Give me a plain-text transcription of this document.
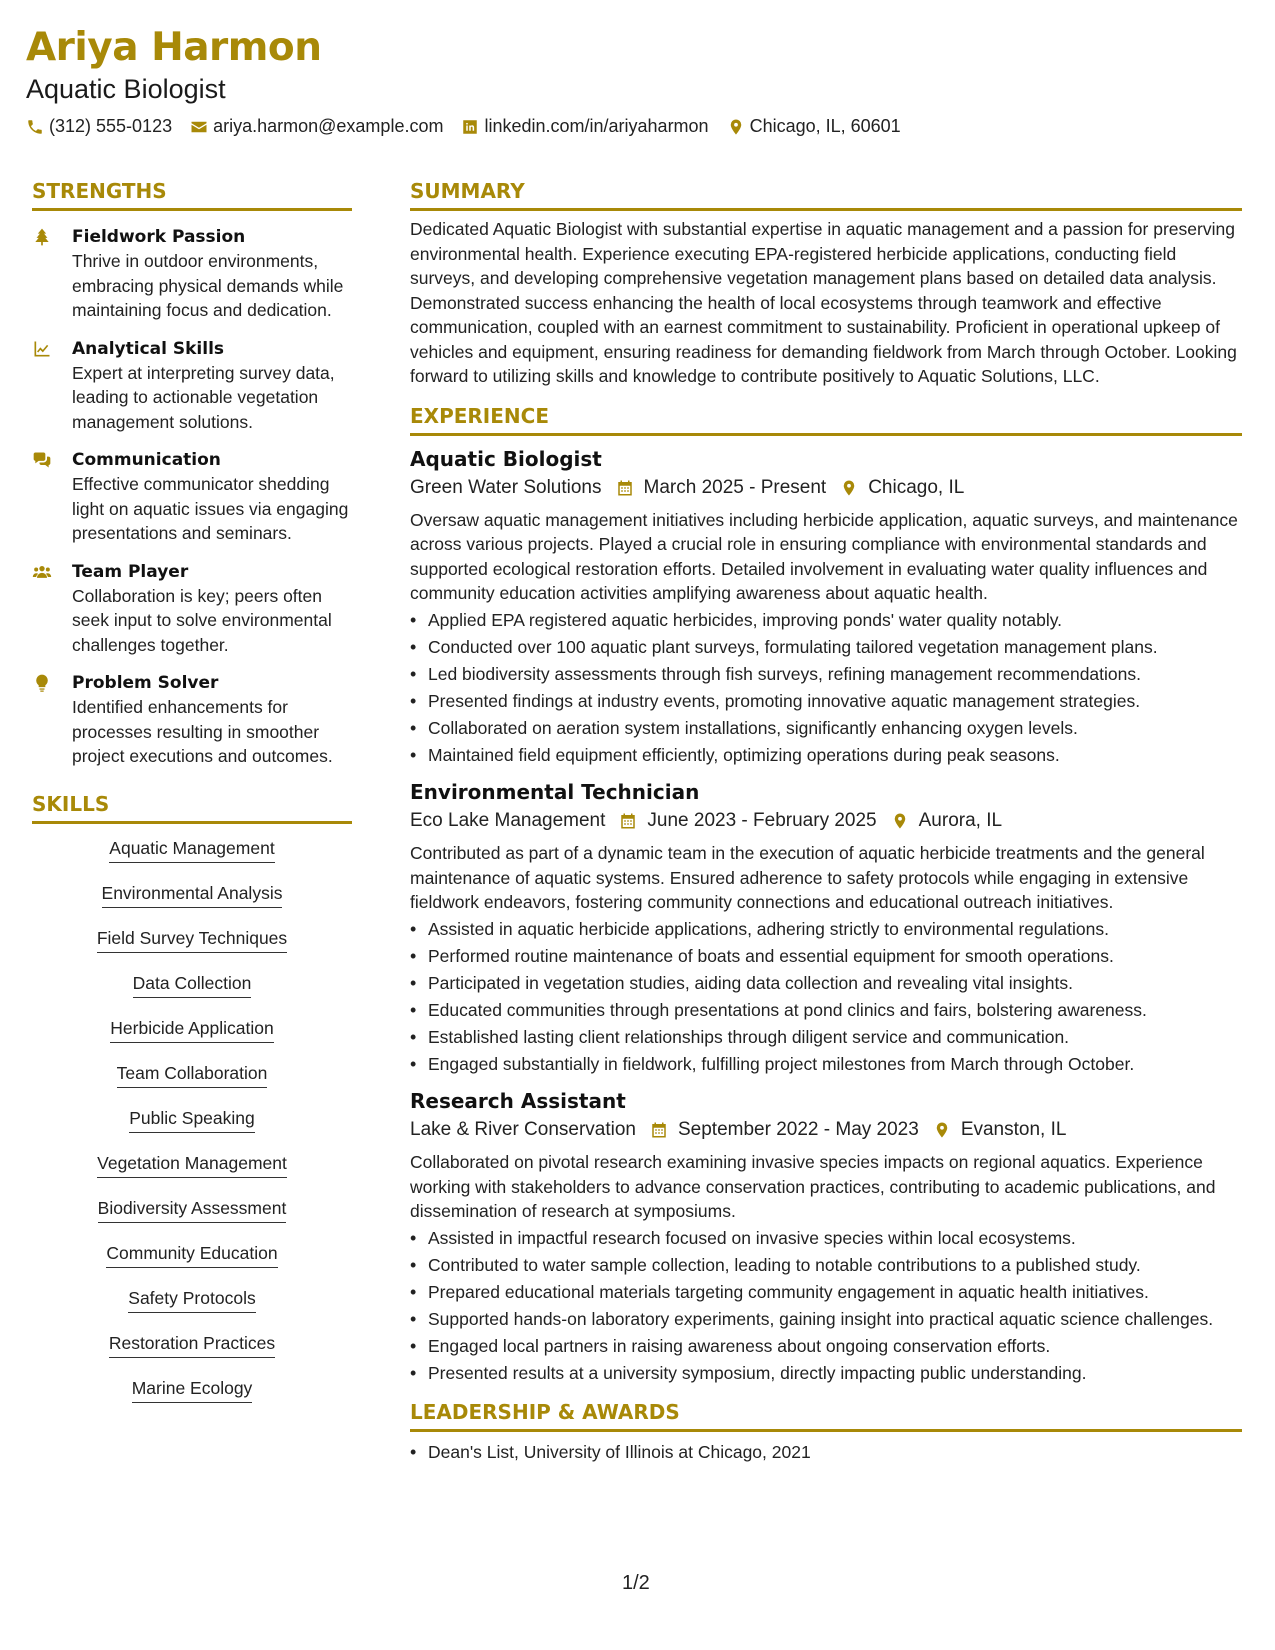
Ariya Harmon
Aquatic Biologist
(312) 555-0123 ariya.harmon@example.com linkedin.com/in/ariyaharmon Chicago, IL, 60601
STRENGTHS
Fieldwork Passion
Thrive in outdoor environments, embracing physical demands while maintaining focus and dedication.
Analytical Skills
Expert at interpreting survey data, leading to actionable vegetation management solutions.
Communication
Effective communicator shedding light on aquatic issues via engaging presentations and seminars.
Team Player
Collaboration is key; peers often seek input to solve environmental challenges together.
Problem Solver
Identified enhancements for processes resulting in smoother project executions and outcomes.
SKILLS
Aquatic Management
Environmental Analysis
Field Survey Techniques
Data Collection
Herbicide Application
Team Collaboration
Public Speaking
Vegetation Management
Biodiversity Assessment
Community Education
Safety Protocols
Restoration Practices
Marine Ecology
SUMMARY
Dedicated Aquatic Biologist with substantial expertise in aquatic management and a passion for preserving environmental health. Experience executing EPA-registered herbicide applications, conducting field surveys, and developing comprehensive vegetation management plans based on detailed data analysis. Demonstrated success enhancing the health of local ecosystems through teamwork and effective communication, coupled with an earnest commitment to sustainability. Proficient in operational upkeep of vehicles and equipment, ensuring readiness for demanding fieldwork from March through October. Looking forward to utilizing skills and knowledge to contribute positively to Aquatic Solutions, LLC.
EXPERIENCE
Aquatic Biologist
Green Water Solutions March 2025 - Present Chicago, IL
Oversaw aquatic management initiatives including herbicide application, aquatic surveys, and maintenance across various projects. Played a crucial role in ensuring compliance with environmental standards and supported ecological restoration efforts. Detailed involvement in evaluating water quality influences and community education activities amplifying awareness about aquatic health.
• Applied EPA registered aquatic herbicides, improving ponds' water quality notably.
• Conducted over 100 aquatic plant surveys, formulating tailored vegetation management plans.
• Led biodiversity assessments through fish surveys, refining management recommendations.
• Presented findings at industry events, promoting innovative aquatic management strategies.
• Collaborated on aeration system installations, significantly enhancing oxygen levels.
• Maintained field equipment efficiently, optimizing operations during peak seasons.
Environmental Technician
Eco Lake Management June 2023 - February 2025 Aurora, IL
Contributed as part of a dynamic team in the execution of aquatic herbicide treatments and the general maintenance of aquatic systems. Ensured adherence to safety protocols while engaging in extensive fieldwork endeavors, fostering community connections and educational outreach initiatives.
• Assisted in aquatic herbicide applications, adhering strictly to environmental regulations.
• Performed routine maintenance of boats and essential equipment for smooth operations.
• Participated in vegetation studies, aiding data collection and revealing vital insights.
• Educated communities through presentations at pond clinics and fairs, bolstering awareness.
• Established lasting client relationships through diligent service and communication.
• Engaged substantially in fieldwork, fulfilling project milestones from March through October.
Research Assistant
Lake & River Conservation September 2022 - May 2023 Evanston, IL
Collaborated on pivotal research examining invasive species impacts on regional aquatics. Experience working with stakeholders to advance conservation practices, contributing to academic publications, and dissemination of research at symposiums.
• Assisted in impactful research focused on invasive species within local ecosystems.
• Contributed to water sample collection, leading to notable contributions to a published study.
• Prepared educational materials targeting community engagement in aquatic health initiatives.
• Supported hands-on laboratory experiments, gaining insight into practical aquatic science challenges.
• Engaged local partners in raising awareness about ongoing conservation efforts.
• Presented results at a university symposium, directly impacting public understanding.
LEADERSHIP & AWARDS
• Dean's List, University of Illinois at Chicago, 2021
1/2
